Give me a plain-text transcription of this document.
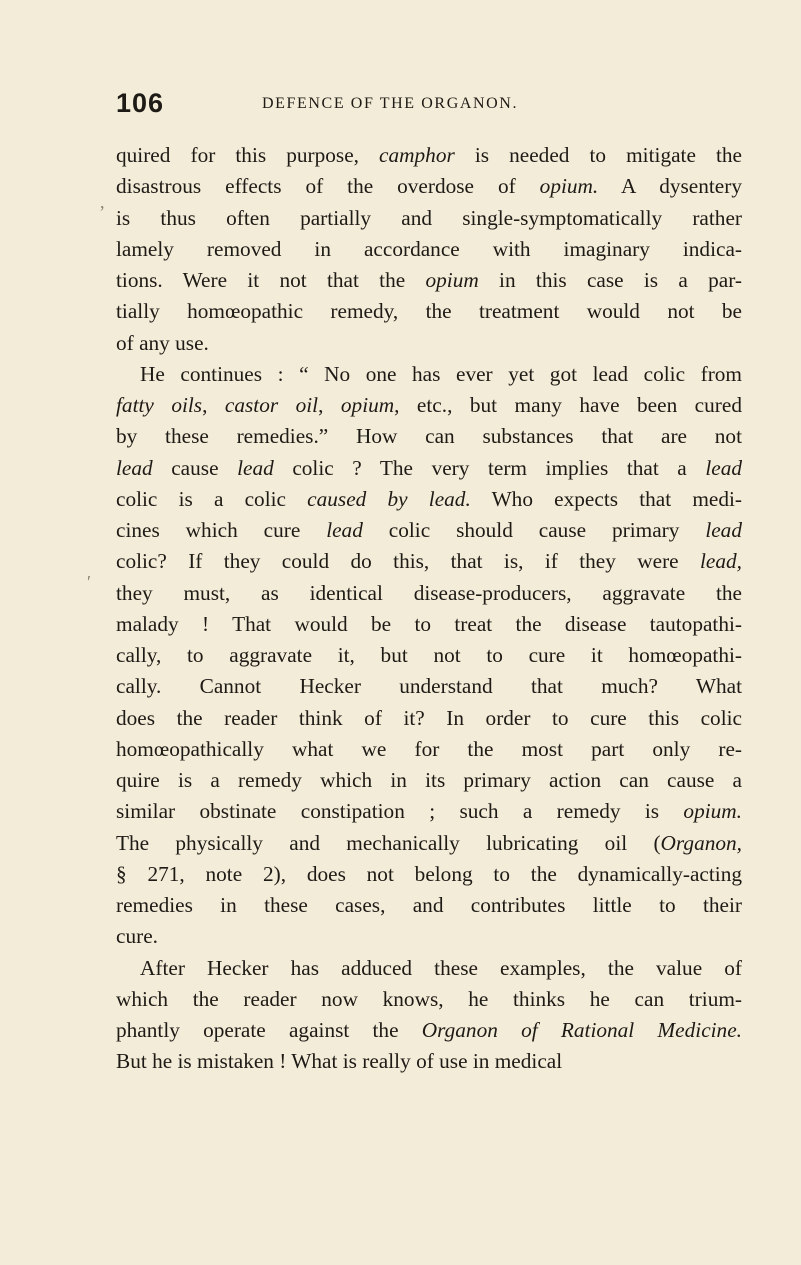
106	DEFENCE OF THE ORGANON.
quired for this purpose, camphor is needed to mitigate the
disastrous effects of the overdose of opium. A dysentery
is thus often partially and single-symptomatically rather
lamely removed in accordance with imaginary indica-
tions. Were it not that the opium in this case is a par-
tially homœopathic remedy, the treatment would not be
of any use.
He continues : “ No one has ever yet got lead colic from
fatty oils, castor oil, opium, etc., but many have been cured
by these remedies.” How can substances that are not
lead cause lead colic ? The very term implies that a lead
colic is a colic caused by lead. Who expects that medi-
cines which cure lead colic should cause primary lead
colic? If they could do this, that is, if they were lead,
they must, as identical disease-producers, aggravate the
malady ! That would be to treat the disease tautopathi-
cally, to aggravate it, but not to cure it homœopathi-
cally. Cannot Hecker understand that much? What
does the reader think of it? In order to cure this colic
homœopathically what we for the most part only re-
quire is a remedy which in its primary action can cause a
similar obstinate constipation ; such a remedy is opium.
The physically and mechanically lubricating oil (Organon,
§ 271, note 2), does not belong to the dynamically-acting
remedies in these cases, and contributes little to their
cure.
After Hecker has adduced these examples, the value of
which the reader now knows, he thinks he can trium-
phantly operate against the Organon of Rational Medicine.
But he is mistaken ! What is really of use in medical
′
,
